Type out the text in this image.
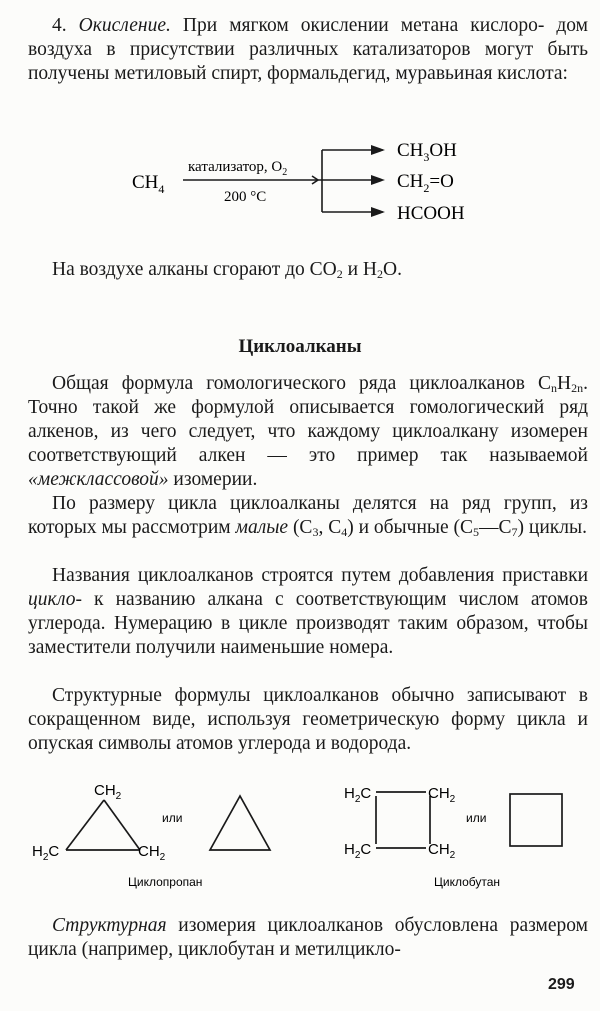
4. Окисление. При мягком окислении метана кислоро- дом воздуха в присутствии различных катализаторов могут быть получены метиловый спирт, формальдегид, муравьиная кислота:

$CH_4$
катализатор, $O_2$
200 °C
$CH_3OH$
$CH_2=O$
HCOOH

На воздухе алканы сгорают до $CO_2$ и $H_2O$.

Циклоалканы

Общая формула гомологического ряда циклоалканов $C_nH_{2n}$. Точно такой же формулой описывается гомологический ряд алкенов, из чего следует, что каждому циклоалкану изомерен соответствующий алкен — это пример так называемой «межклассовой» изомерии.

По размеру цикла циклоалканы делятся на ряд групп, из которых мы рассмотрим малые ($C_3$, $C_4$) и обычные $(C_5—C_7)$ циклы.

Названия циклоалканов строятся путем добавления приставки цикло- к названию алкана с соответствующим числом атомов углерода. Нумерацию в цикле производят таким образом, чтобы заместители получили наименьшие номера.

Структурные формулы циклоалканов обычно записывают в сокращенном виде, используя геометрическую форму цикла и опуская символы атомов углерода и водорода.

$CH_2$
$H_2C$	$CH_2$
или
Циклопропан
$H_2C$	$CH_2$
$H_2C$	$CH_2$
или
Циклобутан

Структурная изомерия циклоалканов обусловлена размером цикла (например, циклобутан и метилцикло-

299
